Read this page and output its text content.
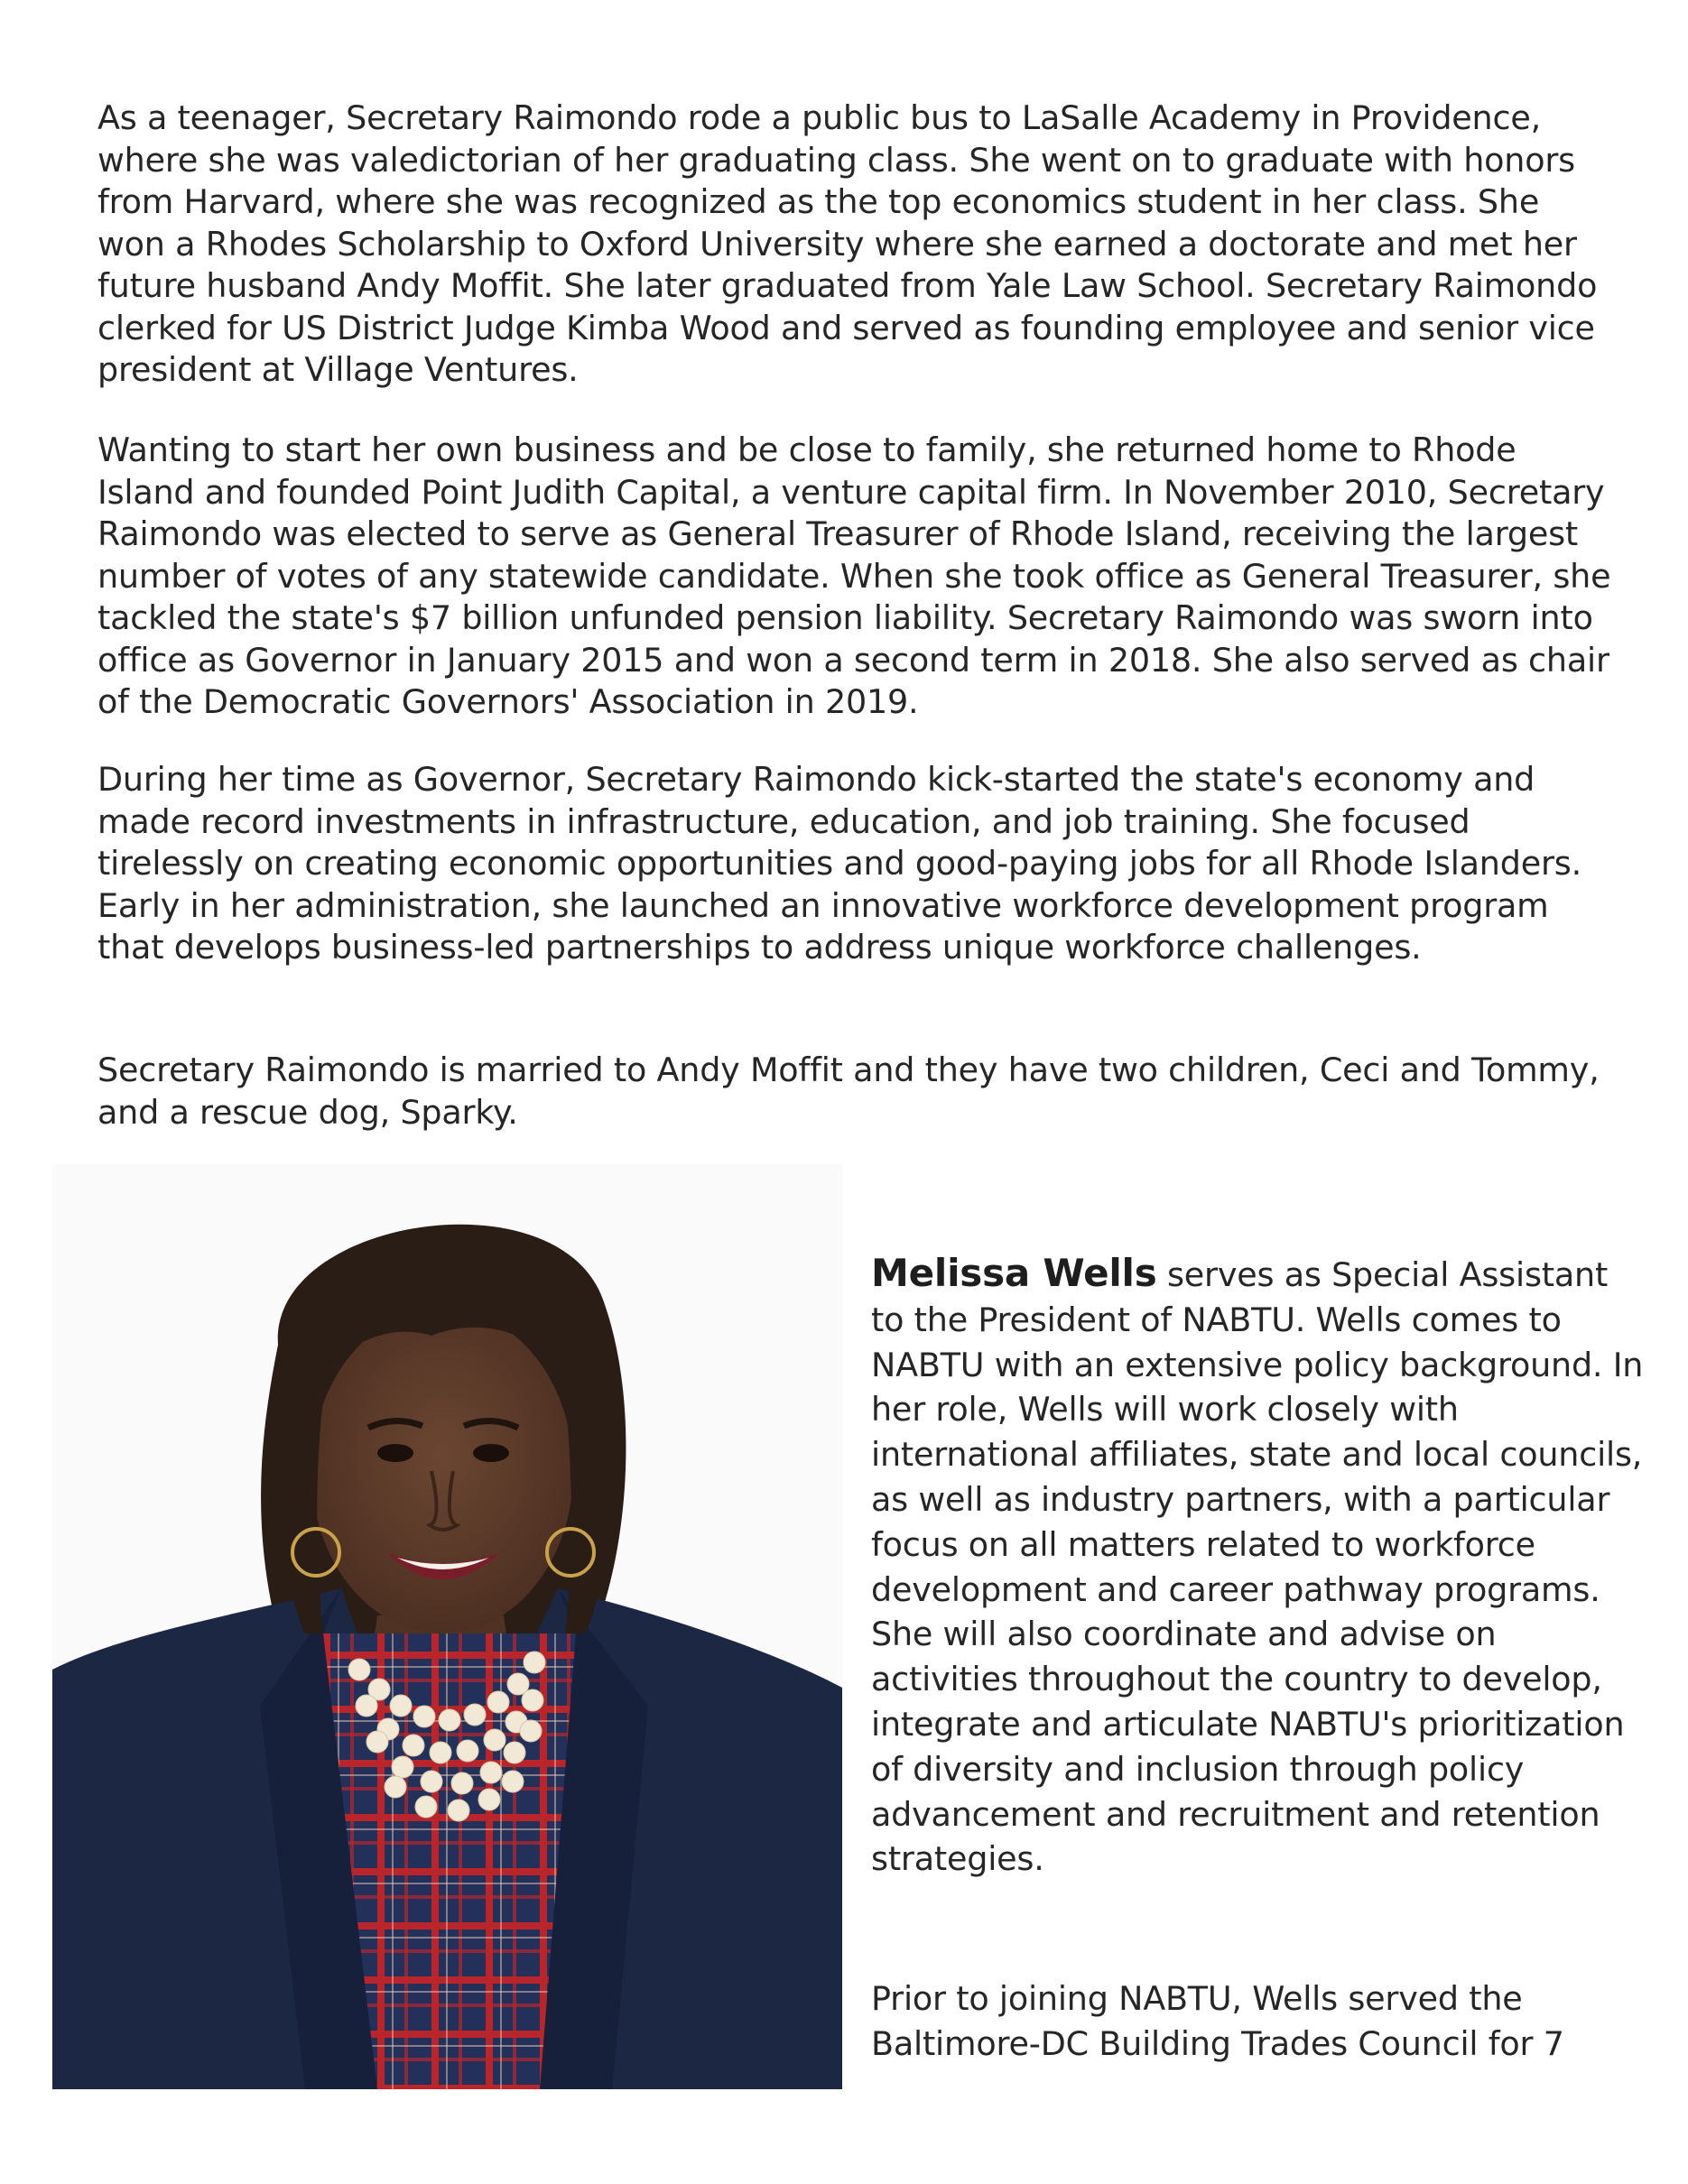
As a teenager, Secretary Raimondo rode a public bus to LaSalle Academy in Providence, where she was valedictorian of her graduating class. She went on to graduate with honors from Harvard, where she was recognized as the top economics student in her class. She won a Rhodes Scholarship to Oxford University where she earned a doctorate and met her future husband Andy Moffit. She later graduated from Yale Law School. Secretary Raimondo clerked for US District Judge Kimba Wood and served as founding employee and senior vice president at Village Ventures.

Wanting to start her own business and be close to family, she returned home to Rhode Island and founded Point Judith Capital, a venture capital firm. In November 2010, Secretary Raimondo was elected to serve as General Treasurer of Rhode Island, receiving the largest number of votes of any statewide candidate. When she took office as General Treasurer, she tackled the state's $7 billion unfunded pension liability. Secretary Raimondo was sworn into office as Governor in January 2015 and won a second term in 2018. She also served as chair of the Democratic Governors' Association in 2019.

During her time as Governor, Secretary Raimondo kick-started the state's economy and made record investments in infrastructure, education, and job training. She focused tirelessly on creating economic opportunities and good-paying jobs for all Rhode Islanders. Early in her administration, she launched an innovative workforce development program that develops business-led partnerships to address unique workforce challenges.

Secretary Raimondo is married to Andy Moffit and they have two children, Ceci and Tommy, and a rescue dog, Sparky.

Melissa Wells serves as Special Assistant to the President of NABTU. Wells comes to NABTU with an extensive policy background. In her role, Wells will work closely with international affiliates, state and local councils, as well as industry partners, with a particular focus on all matters related to workforce development and career pathway programs. She will also coordinate and advise on activities throughout the country to develop, integrate and articulate NABTU's prioritization of diversity and inclusion through policy advancement and recruitment and retention strategies.

Prior to joining NABTU, Wells served the Baltimore-DC Building Trades Council for 7
